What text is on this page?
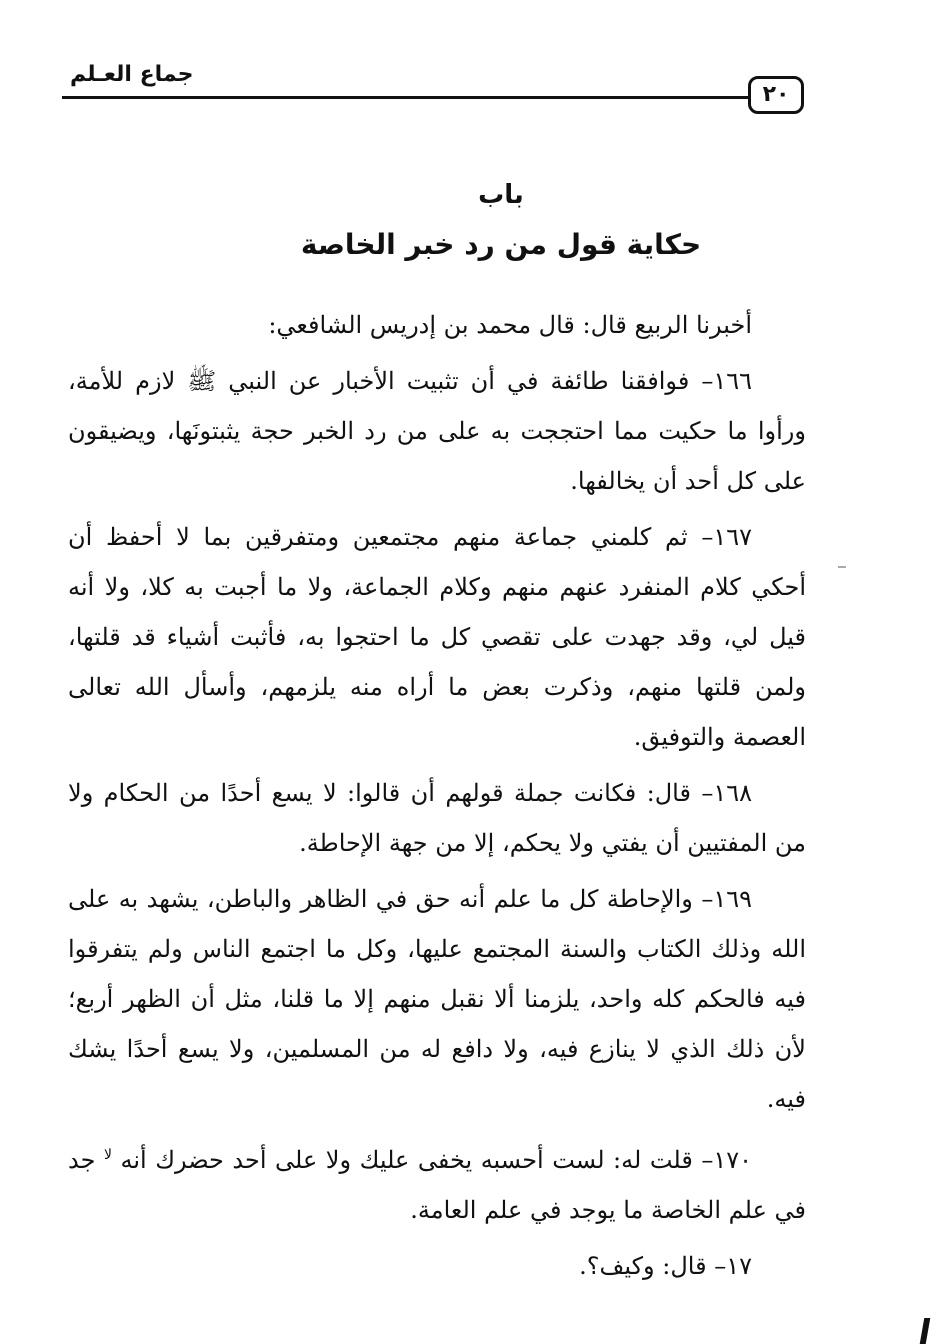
جماع العـلم
٢٠
باب
حكاية قول من رد خبر الخاصة

أخبرنا الربيع قال: قال محمد بن إدريس الشافعي:

١٦٦– فوافقنا طائفة في أن تثبيت الأخبار عن النبي ﷺ لازم للأمة، ورأوا ما حكيت مما احتججت به على من رد الخبر حجة يثبتونَها، ويضيقون على كل أحد أن يخالفها.

١٦٧– ثم كلمني جماعة منهم مجتمعين ومتفرقين بما لا أحفظ أن أحكي كلام المنفرد عنهم منهم وكلام الجماعة، ولا ما أجبت به كلا، ولا أنه قيل لي، وقد جهدت على تقصي كل ما احتجوا به، فأثبت أشياء قد قلتها، ولمن قلتها منهم، وذكرت بعض ما أراه منه يلزمهم، وأسأل الله تعالى العصمة والتوفيق.

١٦٨– قال: فكانت جملة قولهم أن قالوا: لا يسع أحدًا من الحكام ولا من المفتيين أن يفتي ولا يحكم، إلا من جهة الإحاطة.

١٦٩– والإحاطة كل ما علم أنه حق في الظاهر والباطن، يشهد به على الله وذلك الكتاب والسنة المجتمع عليها، وكل ما اجتمع الناس ولم يتفرقوا فيه فالحكم كله واحد، يلزمنا ألا نقبل منهم إلا ما قلنا، مثل أن الظهر أربع؛ لأن ذلك الذي لا ينازع فيه، ولا دافع له من المسلمين، ولا يسع أحدًا يشك فيه.

١٧٠– قلت له: لست أحسبه يخفى عليك ولا على أحد حضرك أنه $^{لا}$ جد في علم الخاصة ما يوجد في علم العامة.

١٧– قال: وكيف؟.
